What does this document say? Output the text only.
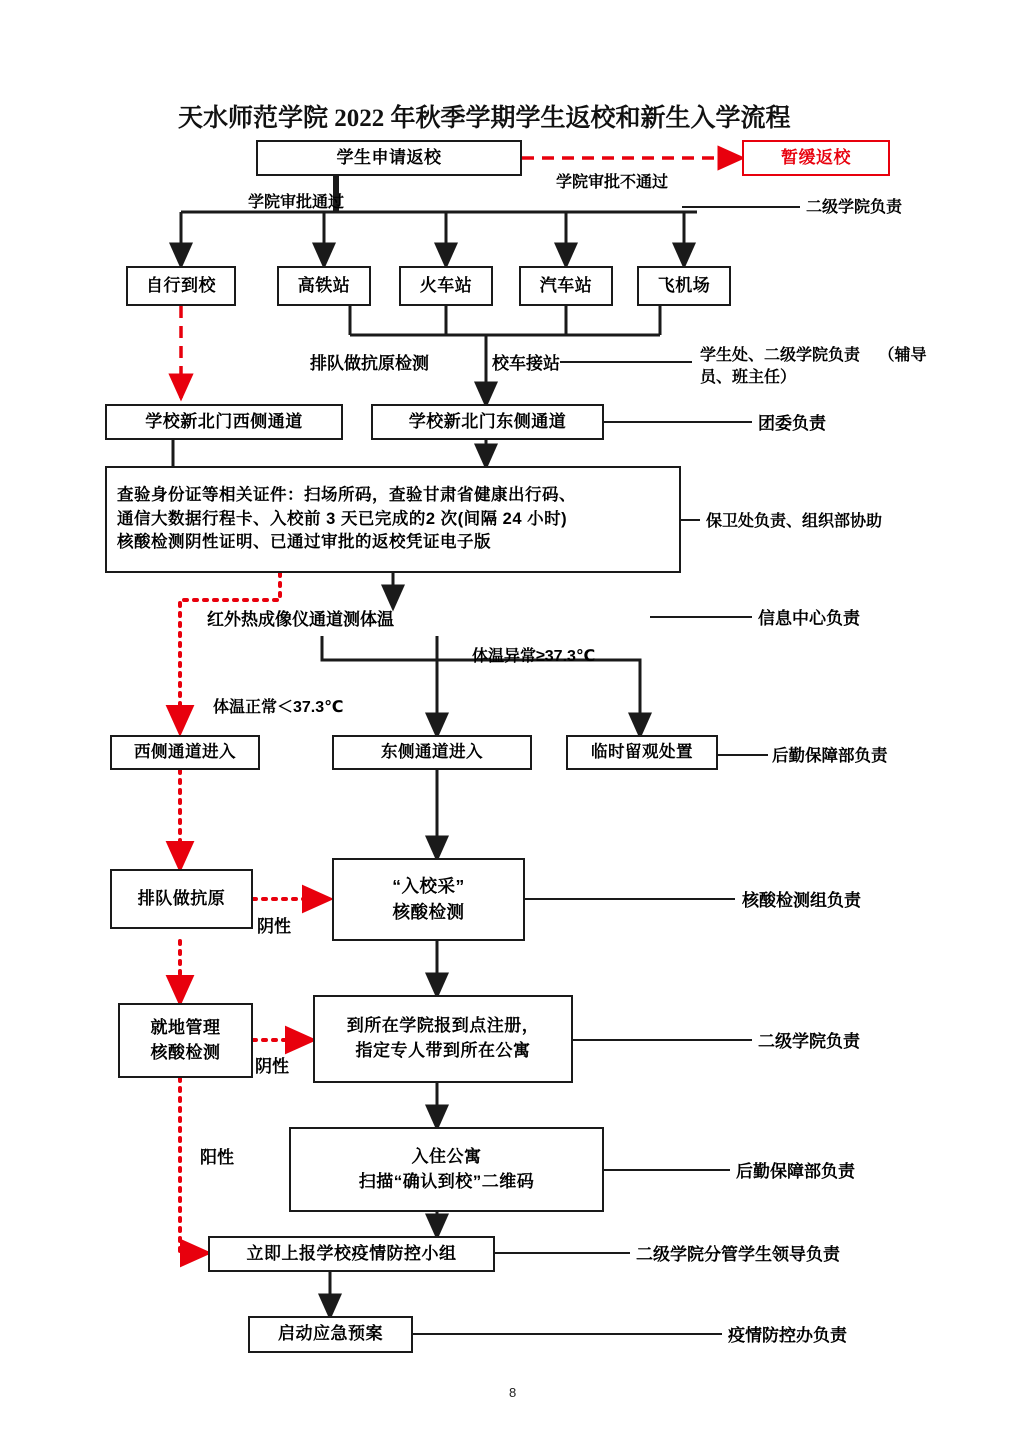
天水师范学院 2022 年秋季学期学生返校和新生入学流程
学生申请返校	暂缓返校
学院审批通过
学院审批不通过
二级学院负责
自行到校	高铁站	火车站	汽车站	飞机场
排队做抗原检测	校车接站	学生处、二级学院负责 （辅导员、班主任）
学校新北门西侧通道	学校新北门东侧通道	团委负责
查验身份证等相关证件：扫场所码，查验甘肃省健康出行码、
通信大数据行程卡、入校前 3 天已完成的2 次(间隔 24 小时)
核酸检测阴性证明、已通过审批的返校凭证电子版
保卫处负责、组织部协助
红外热成像仪通道测体温	信息中心负责
体温异常≥37.3℃
体温正常＜37.3℃
西侧通道进入	东侧通道进入	临时留观处置	后勤保障部负责
排队做抗原
阴性
“入校采”
核酸检测
核酸检测组负责
就地管理
核酸检测
阴性
到所在学院报到点注册，
指定专人带到所在公寓	二级学院负责
阳性	入住公寓
扫描“确认到校”二维码	后勤保障部负责
立即上报学校疫情防控小组	二级学院分管学生领导负责
启动应急预案	疫情防控办负责
8
